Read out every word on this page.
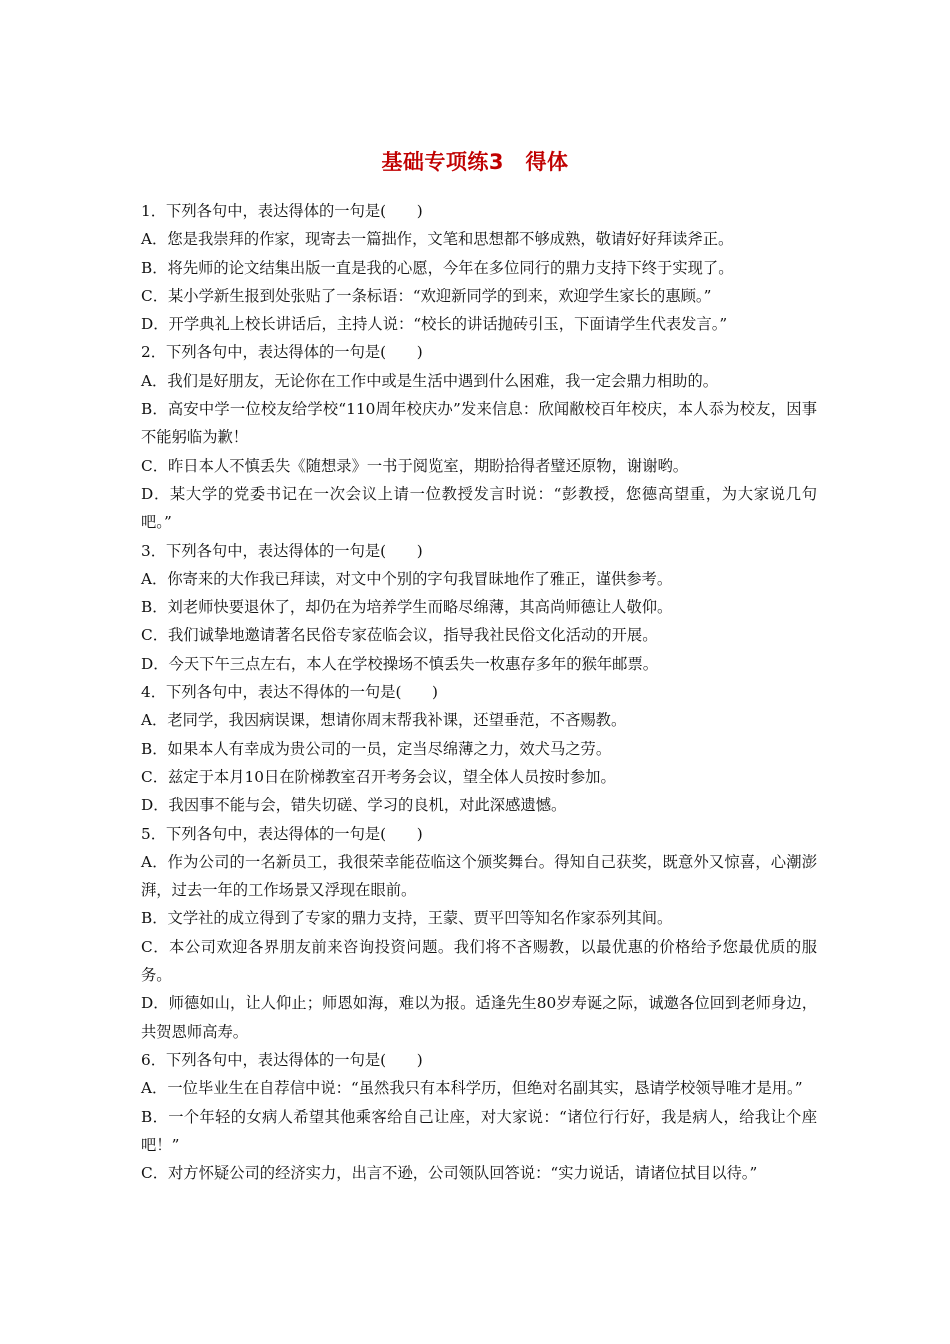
基础专项练3　得体

1．下列各句中，表达得体的一句是(　　)

A．您是我崇拜的作家，现寄去一篇拙作，文笔和思想都不够成熟，敬请好好拜读斧正。

B．将先师的论文结集出版一直是我的心愿，今年在多位同行的鼎力支持下终于实现了。

C．某小学新生报到处张贴了一条标语：“欢迎新同学的到来，欢迎学生家长的惠顾。”

D．开学典礼上校长讲话后，主持人说：“校长的讲话抛砖引玉，下面请学生代表发言。”

2．下列各句中，表达得体的一句是(　　)

A．我们是好朋友，无论你在工作中或是生活中遇到什么困难，我一定会鼎力相助的。

B．高安中学一位校友给学校“110周年校庆办”发来信息：欣闻敝校百年校庆，本人忝为校友，因事不能躬临为歉！

C．昨日本人不慎丢失《随想录》一书于阅览室，期盼拾得者璧还原物，谢谢哟。

D．某大学的党委书记在一次会议上请一位教授发言时说：“彭教授，您德高望重，为大家说几句吧。”

3．下列各句中，表达得体的一句是(　　)

A．你寄来的大作我已拜读，对文中个别的字句我冒昧地作了雅正，谨供参考。

B．刘老师快要退休了，却仍在为培养学生而略尽绵薄，其高尚师德让人敬仰。

C．我们诚挚地邀请著名民俗专家莅临会议，指导我社民俗文化活动的开展。

D．今天下午三点左右，本人在学校操场不慎丢失一枚惠存多年的猴年邮票。

4．下列各句中，表达不得体的一句是(　　)

A．老同学，我因病误课，想请你周末帮我补课，还望垂范，不吝赐教。

B．如果本人有幸成为贵公司的一员，定当尽绵薄之力，效犬马之劳。

C．兹定于本月10日在阶梯教室召开考务会议，望全体人员按时参加。

D．我因事不能与会，错失切磋、学习的良机，对此深感遗憾。

5．下列各句中，表达得体的一句是(　　)

A．作为公司的一名新员工，我很荣幸能莅临这个颁奖舞台。得知自己获奖，既意外又惊喜，心潮澎湃，过去一年的工作场景又浮现在眼前。

B．文学社的成立得到了专家的鼎力支持，王蒙、贾平凹等知名作家忝列其间。

C．本公司欢迎各界朋友前来咨询投资问题。我们将不吝赐教，以最优惠的价格给予您最优质的服务。

D．师德如山，让人仰止；师恩如海，难以为报。适逢先生80岁寿诞之际，诚邀各位回到老师身边，共贺恩师高寿。

6．下列各句中，表达得体的一句是(　　)

A．一位毕业生在自荐信中说：“虽然我只有本科学历，但绝对名副其实，恳请学校领导唯才是用。”

B．一个年轻的女病人希望其他乘客给自己让座，对大家说：“诸位行行好，我是病人，给我让个座吧！”

C．对方怀疑公司的经济实力，出言不逊，公司领队回答说：“实力说话，请诸位拭目以待。”
